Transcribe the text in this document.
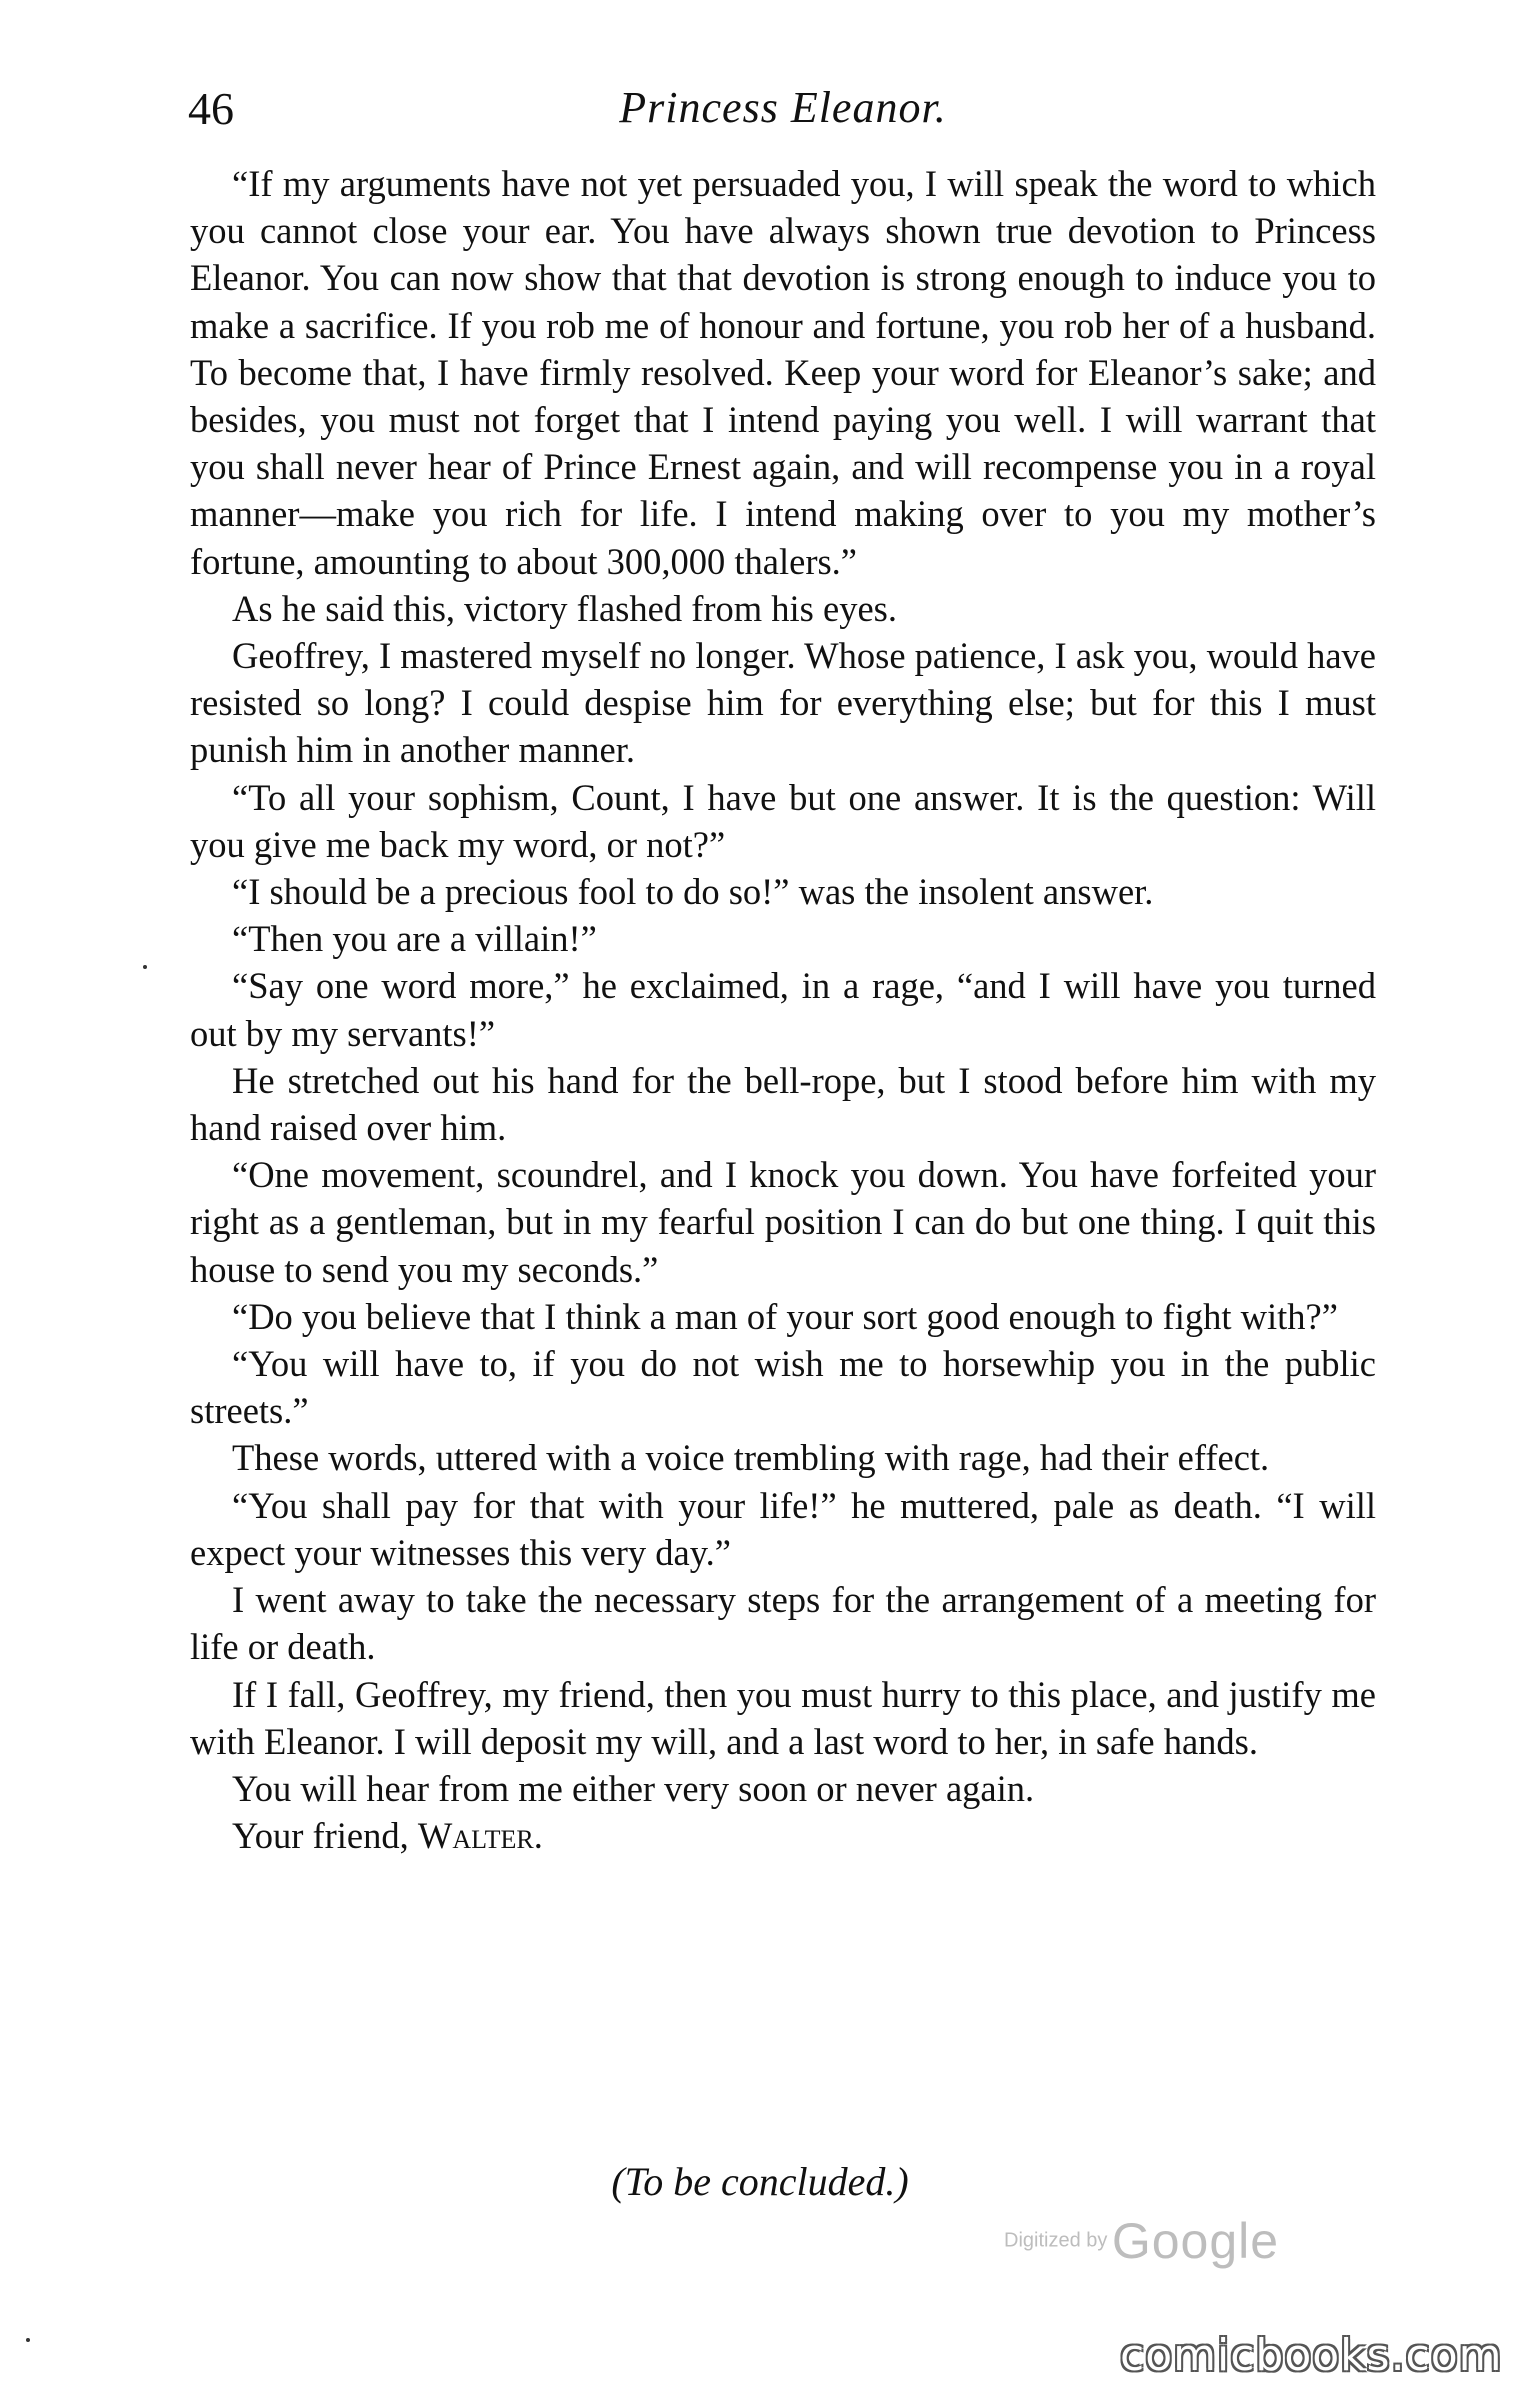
46	Princess Eleanor.

“If my arguments have not yet persuaded you, I will speak the word to which you cannot close your ear. You have always shown true devotion to Princess Eleanor. You can now show that that devotion is strong enough to induce you to make a sacrifice. If you rob me of honour and fortune, you rob her of a husband. To become that, I have firmly resolved. Keep your word for Eleanor’s sake; and besides, you must not forget that I intend paying you well. I will warrant that you shall never hear of Prince Ernest again, and will recompense you in a royal manner—make you rich for life. I intend making over to you my mother’s fortune, amounting to about 300,000 thalers.”

As he said this, victory flashed from his eyes.

Geoffrey, I mastered myself no longer. Whose patience, I ask you, would have resisted so long? I could despise him for everything else; but for this I must punish him in another manner.

“To all your sophism, Count, I have but one answer. It is the question: Will you give me back my word, or not?”

“I should be a precious fool to do so!” was the insolent answer.

“Then you are a villain!”

“Say one word more,” he exclaimed, in a rage, “and I will have you turned out by my servants!”

He stretched out his hand for the bell-rope, but I stood before him with my hand raised over him.

“One movement, scoundrel, and I knock you down. You have forfeited your right as a gentleman, but in my fearful position I can do but one thing. I quit this house to send you my seconds.”

“Do you believe that I think a man of your sort good enough to fight with?”

“You will have to, if you do not wish me to horsewhip you in the public streets.”

These words, uttered with a voice trembling with rage, had their effect.

“You shall pay for that with your life!” he muttered, pale as death. “I will expect your witnesses this very day.”

I went away to take the necessary steps for the arrangement of a meeting for life or death.

If I fall, Geoffrey, my friend, then you must hurry to this place, and justify me with Eleanor. I will deposit my will, and a last word to her, in safe hands.

You will hear from me either very soon or never again.

Your friend, Walter.

(To be concluded.)
Digitized by Google
comicbooks.com
